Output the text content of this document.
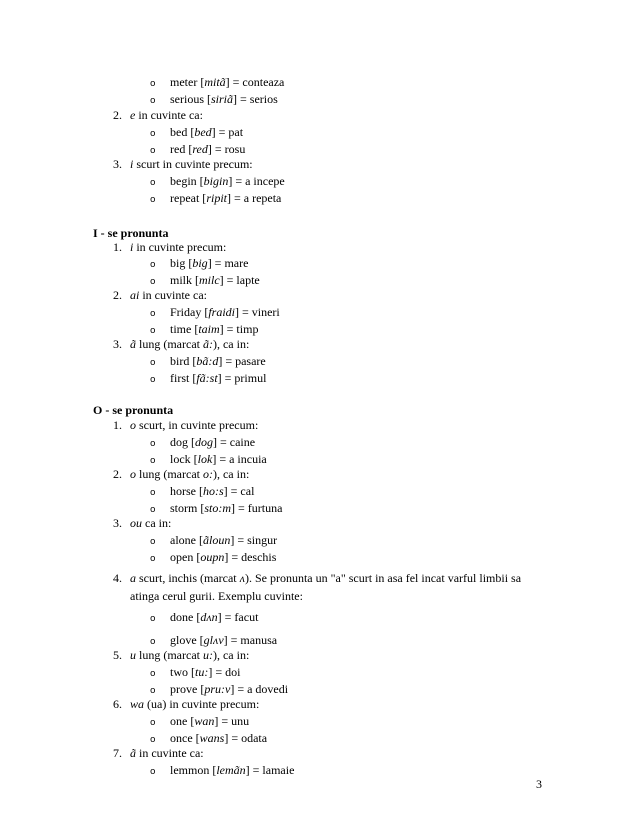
3
o meter [mitã] = conteaza
o serious [siriã] = serios
2. e in cuvinte ca:
o bed [bed] = pat
o red [red] = rosu
3. i scurt in cuvinte precum:
o begin [bigin] = a incepe
o repeat [ripit] = a repeta
I - se pronunta
1. i in cuvinte precum:
o big [big] = mare
o milk [milc] = lapte
2. ai in cuvinte ca:
o Friday [fraidi] = vineri
o time [taim] = timp
3. ã lung (marcat ã:), ca in:
o bird [bã:d] = pasare
o first [fã:st] = primul
O - se pronunta
1. o scurt, in cuvinte precum:
o dog [dog] = caine
o lock [lok] = a incuia
2. o lung (marcat o:), ca in:
o horse [ho:s] = cal
o storm [sto:m] = furtuna
3. ou ca in:
o alone [ãloun] = singur
o open [oupn] = deschis
4. a scurt, inchis (marcat ʌ). Se pronunta un "a" scurt in asa fel incat varful limbii sa
atinga cerul gurii. Exemplu cuvinte:
o done [dʌn] = facut
o glove [glʌv] = manusa
5. u lung (marcat u:), ca in:
o two [tu:] = doi
o prove [pru:v] = a dovedi
6. wa (ua) in cuvinte precum:
o one [wan] = unu
o once [wans] = odata
7. ã in cuvinte ca:
o lemmon [lemãn] = lamaie
